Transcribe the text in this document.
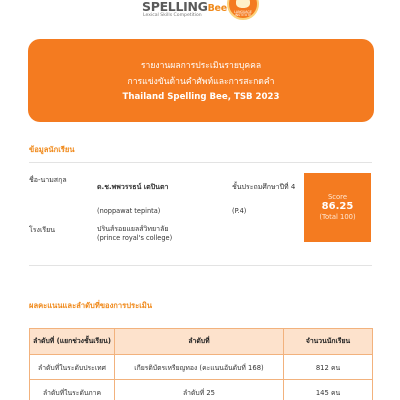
SPELLINGBee
Lexical Skills Competition
LANGUAGE INSTITUTE
รายงานผลการประเมินรายบุคคล
การแข่งขันด้านคำศัพท์และการสะกดคำ
Thailand Spelling Bee, TSB 2023
ข้อมูลนักเรียน
ชื่อ-นามสกุล
ด.ช.พพวรรธน์ เตปินตา	ชั้นประถมศึกษาปีที่ 4
(noppawat tepinta)	(P.4)
โรงเรียน	ปรินส์รอยแยลส์วิทยาลัย
(prince royal's college)
Score
86.25
(Total 100)
ผลคะแนนและลำดับที่ของการประเมิน
ลำดับที่ (แยกช่วงชั้นเรียน)	ลำดับที่	จำนวนนักเรียน
ลำดับที่ในระดับประเทศ	เกียรติบัตรเหรียญทอง (คะแนนอันดับที่ 168)	812 คน
ลำดับที่ในระดับภาค	ลำดับที่ 25	145 คน
